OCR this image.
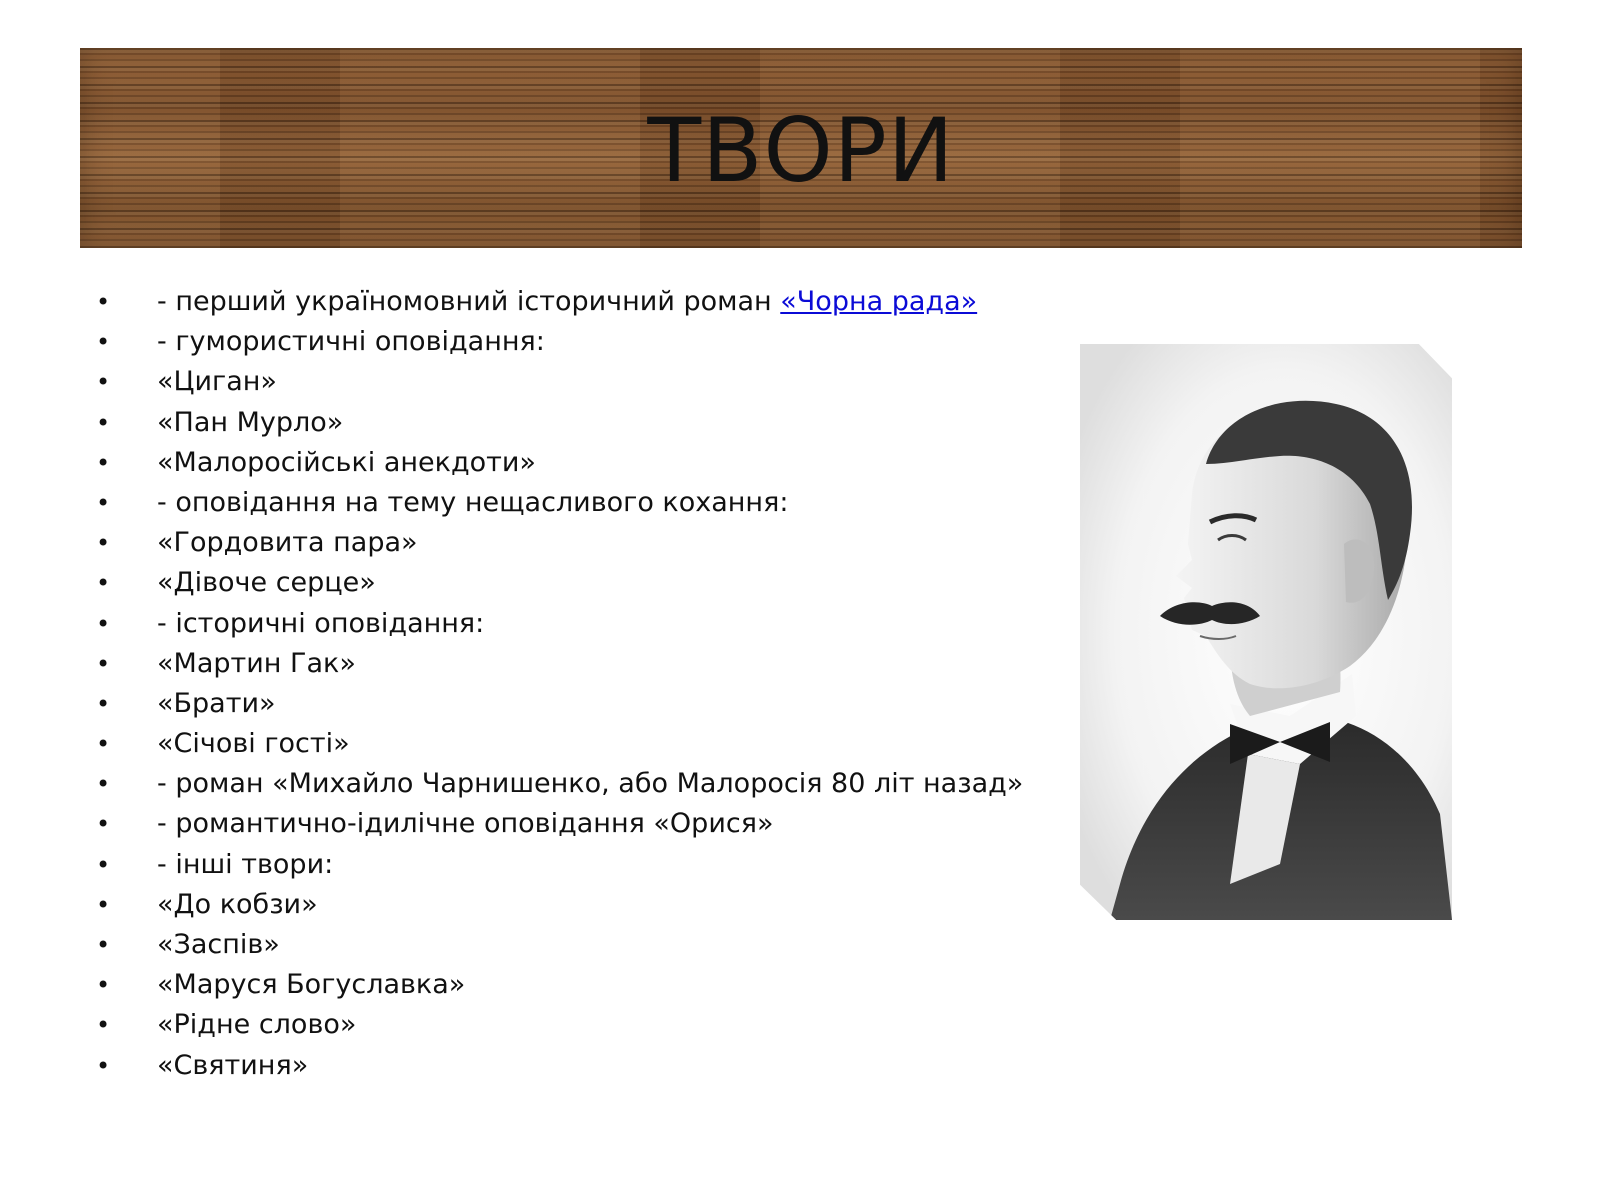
ТВОРИ
• - перший україномовний історичний роман «Чорна рада»
• - гумористичні оповідання:
• «Циган»
• «Пан Мурло»
• «Малоросійські анекдоти»
• - оповідання на тему нещасливого кохання:
• «Гордовита пара»
• «Дівоче серце»
• - історичні оповідання:
• «Мартин Гак»
• «Брати»
• «Січові гості»
• - роман «Михайло Чарнишенко, або Малоросія 80 літ назад»
• - романтично-ідилічне оповідання «Орися»
• - інші твори:
• «До кобзи»
• «Заспів»
• «Маруся Богуславка»
• «Рідне слово»
• «Святиня»
